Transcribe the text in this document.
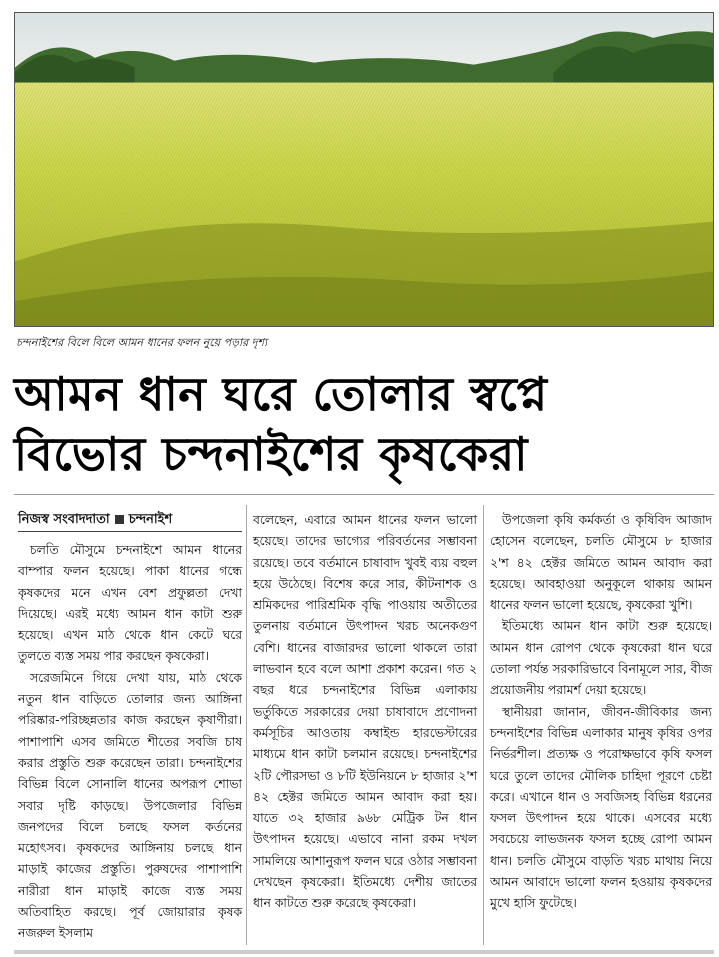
চন্দনাইশের বিলে বিলে আমন ধানের ফলন নুয়ে পড়ার দৃশ্য
আমন ধান ঘরে তোলার স্বপ্নে
বিভোর চন্দনাইশের কৃষকেরা
নিজস্ব সংবাদদাতা চন্দনাইশ

চলতি মৌসুমে চন্দনাইশে আমন ধানের বাম্পার ফলন হয়েছে। পাকা ধানের গন্ধে কৃষকদের মনে এখন বেশ প্রফুল্লতা দেখা দিয়েছে। এরই মধ্যে আমন ধান কাটা শুরু হয়েছে। এখন মাঠ থেকে ধান কেটে ঘরে তুলতে ব্যস্ত সময় পার করছেন কৃষকেরা।

সরেজমিনে গিয়ে দেখা যায়, মাঠ থেকে নতুন ধান বাড়িতে তোলার জন্য আঙ্গিনা পরিষ্কার-পরিচ্ছন্নতার কাজ করছেন কৃষাণীরা। পাশাপাশি এসব জমিতে শীতের সবজি চাষ করার প্রস্তুতি শুরু করেছেন তারা। চন্দনাইশের বিভিন্ন বিলে সোনালি ধানের অপরূপ শোভা সবার দৃষ্টি কাড়ছে। উপজেলার বিভিন্ন জনপদের বিলে চলছে ফসল কর্তনের মহোৎসব। কৃষকদের আঙ্গিনায় চলছে ধান মাড়াই কাজের প্রস্তুতি। পুরুষদের পাশাপাশি নারীরা ধান মাড়াই কাজে ব্যস্ত সময় অতিবাহিত করছে। পূর্ব জোয়ারার কৃষক নজরুল ইসলাম

বলেছেন, এবারে আমন ধানের ফলন ভালো হয়েছে। তাদের ভাগ্যের পরিবর্তনের সম্ভাবনা রয়েছে। তবে বর্তমানে চাষাবাদ খুবই ব্যয় বহুল হয়ে উঠেছে। বিশেষ করে সার, কীটনাশক ও শ্রমিকদের পারিশ্রমিক বৃদ্ধি পাওয়ায় অতীতের তুলনায় বর্তমানে উৎপাদন খরচ অনেকগুণ বেশি। ধানের বাজারদর ভালো থাকলে তারা লাভবান হবে বলে আশা প্রকাশ করেন। গত ২ বছর ধরে চন্দনাইশের বিভিন্ন এলাকায় ভর্তুকিতে সরকারের দেয়া চাষাবাদে প্রণোদনা কর্মসূচির আওতায় কম্বাইন্ড হারভেস্টারের মাধ্যমে ধান কাটা চলমান রয়েছে। চন্দনাইশের ২টি পৌরসভা ও ৮টি ইউনিয়নে ৮ হাজার ২'শ ৪২ হেক্টর জমিতে আমন আবাদ করা হয়। যাতে ৩২ হাজার ৯৬৮ মেট্রিক টন ধান উৎপাদন হয়েছে। এভাবে নানা রকম দখল সামলিয়ে আশানুরূপ ফলন ঘরে ওঠার সম্ভাবনা দেখছেন কৃষকেরা। ইতিমধ্যে দেশীয় জাতের ধান কাটতে শুরু করেছে কৃষকেরা।

উপজেলা কৃষি কর্মকর্তা ও কৃষিবিদ আজাদ হোসেন বলেছেন, চলতি মৌসুমে ৮ হাজার ২'শ ৪২ হেক্টর জমিতে আমন আবাদ করা হয়েছে। আবহাওয়া অনুকূলে থাকায় আমন ধানের ফলন ভালো হয়েছে, কৃষকেরা খুশি।

ইতিমধ্যে আমন ধান কাটা শুরু হয়েছে। আমন ধান রোপণ থেকে কৃষকেরা ধান ঘরে তোলা পর্যন্ত সরকারিভাবে বিনামূলে সার, বীজ প্রয়োজনীয় পরামর্শ দেয়া হয়েছে।

স্থানীয়রা জানান, জীবন-জীবিকার জন্য চন্দনাইশের বিভিন্ন এলাকার মানুষ কৃষির ওপর নির্ভরশীল। প্রত্যক্ষ ও পরোক্ষভাবে কৃষি ফসল ঘরে তুলে তাদের মৌলিক চাহিদা পূরণে চেষ্টা করে। এখানে ধান ও সবজিসহ বিভিন্ন ধরনের ফসল উৎপাদন হয়ে থাকে। এসবের মধ্যে সবচেয়ে লাভজনক ফসল হচ্ছে রোপা আমন ধান। চলতি মৌসুমে বাড়তি খরচ মাথায় নিয়ে আমন আবাদে ভালো ফলন হওয়ায় কৃষকদের মুখে হাসি ফুটেছে।
